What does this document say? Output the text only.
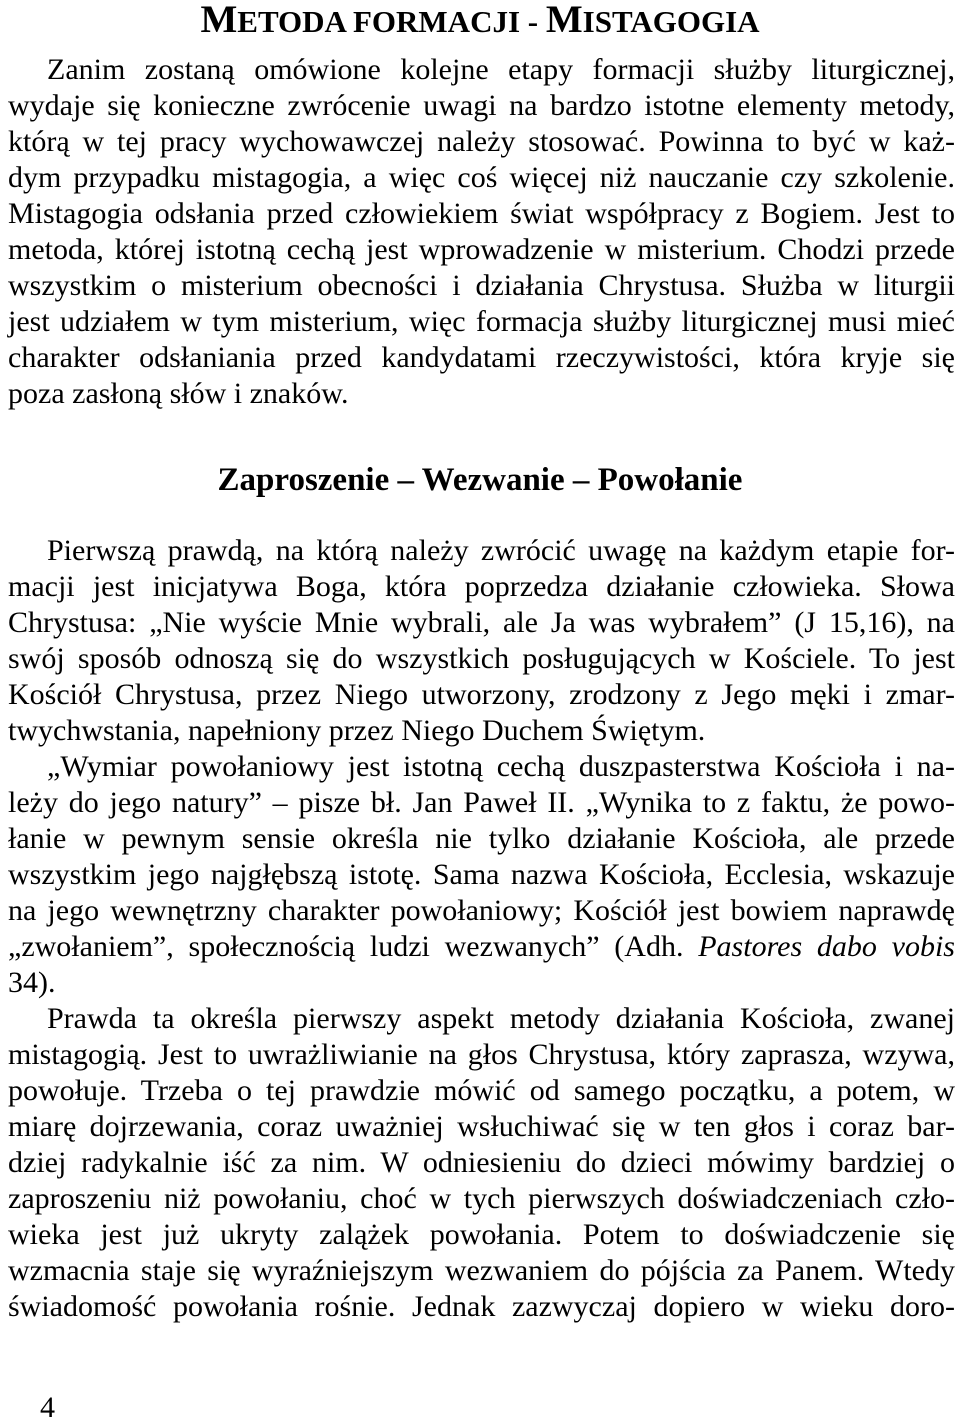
METODA FORMACJI - MISTAGOGIA
Zanim zostaną omówione kolejne etapy formacji służby liturgicznej,
wydaje się konieczne zwrócenie uwagi na bardzo istotne elementy metody,
którą w tej pracy wychowawczej należy stosować. Powinna to być w każ-
dym przypadku mistagogia, a więc coś więcej niż nauczanie czy szkolenie.
Mistagogia odsłania przed człowiekiem świat współpracy z Bogiem. Jest to
metoda, której istotną cechą jest wprowadzenie w misterium. Chodzi przede
wszystkim o misterium obecności i działania Chrystusa. Służba w liturgii
jest udziałem w tym misterium, więc formacja służby liturgicznej musi mieć
charakter odsłaniania przed kandydatami rzeczywistości, która kryje się
poza zasłoną słów i znaków.
Zaproszenie – Wezwanie – Powołanie
Pierwszą prawdą, na którą należy zwrócić uwagę na każdym etapie for-
macji jest inicjatywa Boga, która poprzedza działanie człowieka. Słowa
Chrystusa: „Nie wyście Mnie wybrali, ale Ja was wybrałem” (J 15,16), na
swój sposób odnoszą się do wszystkich posługujących w Kościele. To jest
Kościół Chrystusa, przez Niego utworzony, zrodzony z Jego męki i zmar-
twychwstania, napełniony przez Niego Duchem Świętym.
„Wymiar powołaniowy jest istotną cechą duszpasterstwa Kościoła i na-
leży do jego natury” – pisze bł. Jan Paweł II. „Wynika to z faktu, że powo-
łanie w pewnym sensie określa nie tylko działanie Kościoła, ale przede
wszystkim jego najgłębszą istotę. Sama nazwa Kościoła, Ecclesia, wskazuje
na jego wewnętrzny charakter powołaniowy; Kościół jest bowiem naprawdę
„zwołaniem”, społecznością ludzi wezwanych” (Adh. Pastores dabo vobis
34).
Prawda ta określa pierwszy aspekt metody działania Kościoła, zwanej
mistagogią. Jest to uwrażliwianie na głos Chrystusa, który zaprasza, wzywa,
powołuje. Trzeba o tej prawdzie mówić od samego początku, a potem, w
miarę dojrzewania, coraz uważniej wsłuchiwać się w ten głos i coraz bar-
dziej radykalnie iść za nim. W odniesieniu do dzieci mówimy bardziej o
zaproszeniu niż powołaniu, choć w tych pierwszych doświadczeniach czło-
wieka jest już ukryty zalążek powołania. Potem to doświadczenie się
wzmacnia staje się wyraźniejszym wezwaniem do pójścia za Panem. Wtedy
świadomość powołania rośnie. Jednak zazwyczaj dopiero w wieku doro-
4
